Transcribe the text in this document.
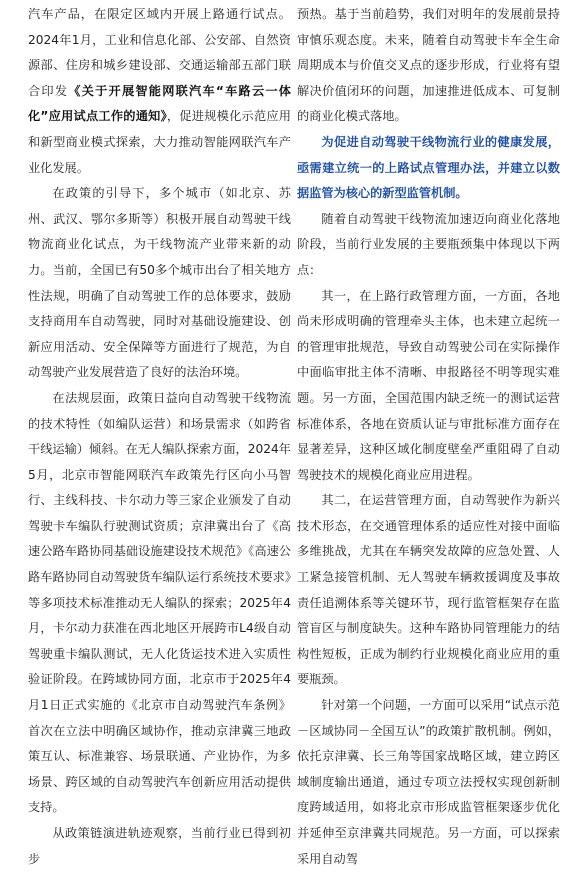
汽车产品，在限定区域内开展上路通行试点。2024年1月，工业和信息化部、公安部、自然资源部、住房和城乡建设部、交通运输部五部门联合印发《关于开展智能网联汽车“车路云一体化”应用试点工作的通知》，促进规模化示范应用和新型商业模式探索，大力推动智能网联汽车产业化发展。

在政策的引导下，多个城市（如北京、苏州、武汉、鄂尔多斯等）积极开展自动驾驶干线物流商业化试点，为干线物流产业带来新的动力。当前，全国已有50多个城市出台了相关地方性法规，明确了自动驾驶工作的总体要求，鼓励支持商用车自动驾驶，同时对基础设施建设、创新应用活动、安全保障等方面进行了规范，为自动驾驶产业发展营造了良好的法治环境。

在法规层面，政策日益向自动驾驶干线物流的技术特性（如编队运营）和场景需求（如跨省干线运输）倾斜。在无人编队探索方面，2024年5月，北京市智能网联汽车政策先行区向小马智行、主线科技、卡尔动力等三家企业颁发了自动驾驶卡车编队行驶测试资质；京津冀出台了《高速公路车路协同基础设施建设技术规范》《高速公路车路协同自动驾驶货车编队运行系统技术要求》等多项技术标准推动无人编队的探索；2025年4月，卡尔动力获准在西北地区开展跨市L4级自动驾驶重卡编队测试，无人化货运技术进入实质性验证阶段。在跨域协同方面，北京市于2025年4月1日正式实施的《北京市自动驾驶汽车条例》首次在立法中明确区域协作，推动京津冀三地政策互认、标准兼容、场景联通、产业协作，为多场景、跨区域的自动驾驶汽车创新应用活动提供支持。

从政策链演进轨迹观察，当前行业已得到初步

预热。基于当前趋势，我们对明年的发展前景持审慎乐观态度。未来，随着自动驾驶卡车全生命周期成本与价值交叉点的逐步形成，行业将有望解决价值闭环的问题，加速推进低成本、可复制的商业化模式落地。

为促进自动驾驶干线物流行业的健康发展，亟需建立统一的上路试点管理办法，并建立以数据监管为核心的新型监管机制。

随着自动驾驶干线物流加速迈向商业化落地阶段，当前行业发展的主要瓶颈集中体现以下两点：

其一，在上路行政管理方面，一方面，各地尚未形成明确的管理牵头主体，也未建立起统一的管理审批规范，导致自动驾驶公司在实际操作中面临审批主体不清晰、申报路径不明等现实难题。另一方面，全国范围内缺乏统一的测试运营标准体系，各地在资质认证与审批标准方面存在显著差异，这种区域化制度壁垒严重阻碍了自动驾驶技术的规模化商业应用进程。

其二，在运营管理方面，自动驾驶作为新兴技术形态，在交通管理体系的适应性对接中面临多维挑战，尤其在车辆突发故障的应急处置、人工紧急接管机制、无人驾驶车辆救援调度及事故责任追溯体系等关键环节，现行监管框架存在监管盲区与制度缺失。这种车路协同管理能力的结构性短板，正成为制约行业规模化商业应用的重要瓶颈。

针对第一个问题，一方面可以采用“试点示范－区域协同－全国互认”的政策扩散机制。例如，依托京津冀、长三角等国家战略区域，建立跨区域制度输出通道，通过专项立法授权实现创新制度跨域适用，如将北京市形成监管框架逐步优化并延伸至京津冀共同规范。另一方面，可以探索采用自动驾
